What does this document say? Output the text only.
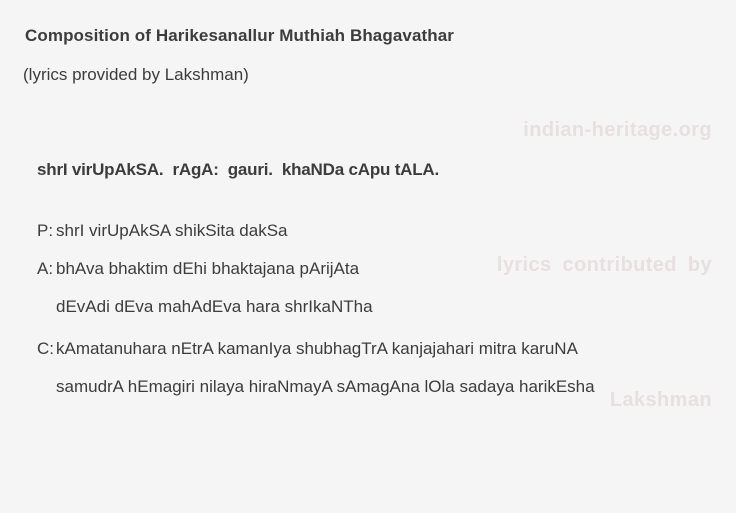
Composition of Harikesanallur Muthiah Bhagavathar

(lyrics provided by Lakshman)

indian-heritage.org

lyrics contributed by

Lakshman

shrI virUpAkSA.  rAgA:  gauri.  khaNDa cApu tALA.
P: shrI virUpAkSA shikSita dakSa
A: bhAva bhaktim dEhi bhaktajana pArijAta
dEvAdi dEva mahAdEva hara shrIkaNTha
C: kAmatanuhara nEtrA kamanIya shubhagTrA kanjajahari mitra karuNA
samudrA hEmagiri nilaya hiraNmayA sAmagAna lOla sadaya harikEsha
